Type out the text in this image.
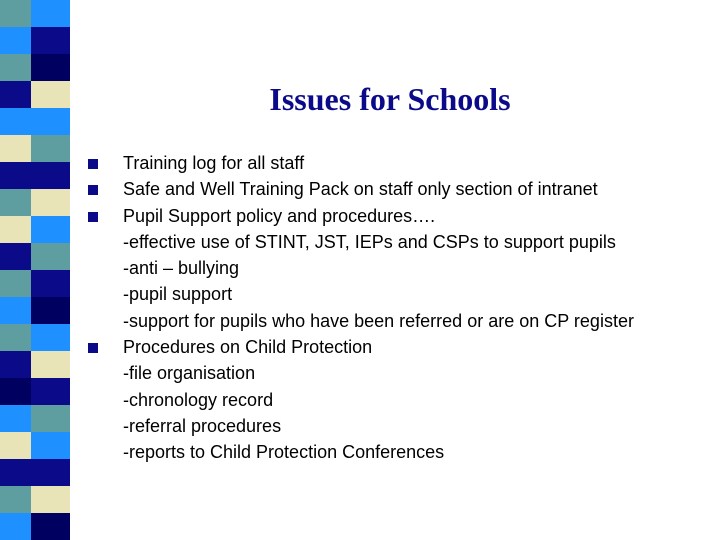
Issues for Schools
Training log for all staff
Safe and Well Training Pack on staff only section of intranet
Pupil Support policy and procedures….
-effective use of STINT, JST, IEPs and CSPs to support pupils
-anti – bullying
-pupil support
-support for pupils who have been referred or are on CP register
Procedures on Child Protection
-file organisation
-chronology record
-referral procedures
-reports to Child Protection Conferences
